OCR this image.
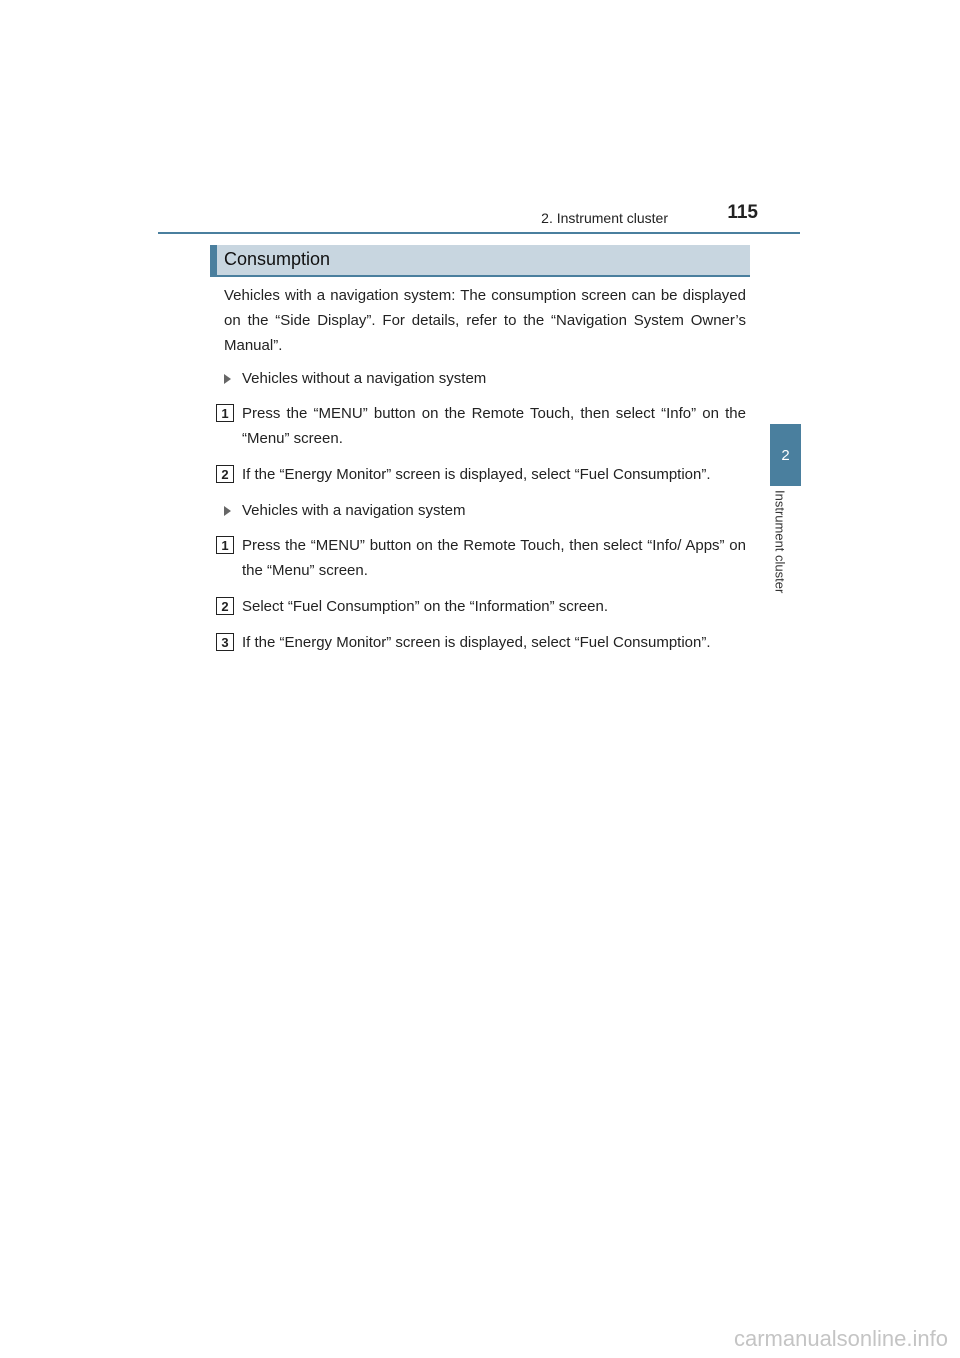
2. Instrument cluster	115
2
Instrument cluster
Consumption

Vehicles with a navigation system: The consumption screen can be displayed on the “Side Display”. For details, refer to the “Navigation System Owner’s Manual”.

Vehicles without a navigation system
1 Press the “MENU” button on the Remote Touch, then select “Info” on the “Menu” screen.
2 If the “Energy Monitor” screen is displayed, select “Fuel Consumption”.
Vehicles with a navigation system
1 Press the “MENU” button on the Remote Touch, then select “Info/ Apps” on the “Menu” screen.
2 Select “Fuel Consumption” on the “Information” screen.
3 If the “Energy Monitor” screen is displayed, select “Fuel Consumption”.
carmanualsonline.info
